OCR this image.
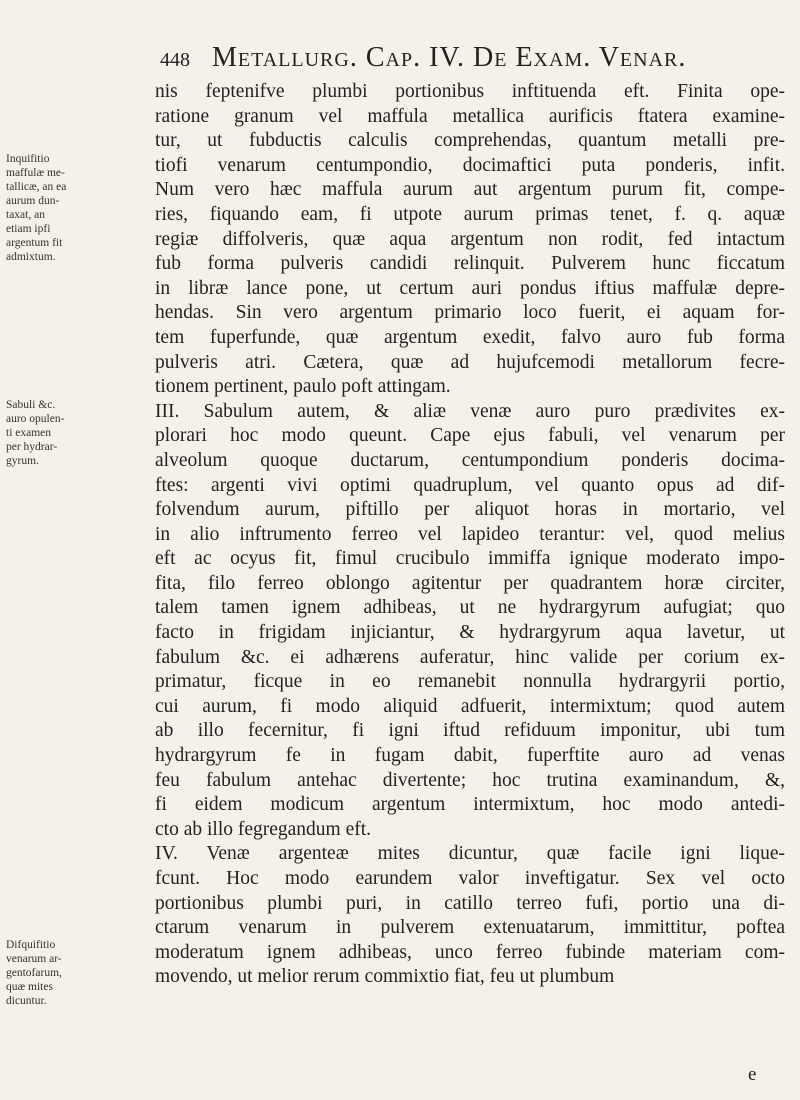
448 Metallurg. Cap. IV. De Exam. Venar.
Inquifitio
maffulæ me-
tallicæ, an ea
aurum dun-
taxat, an
etiam ipfi
argentum fit
admixtum.
Sabuli &c.
auro opulen-
ti examen
per hydrar-
gyrum.
Difquifitio
venarum ar-
gentofarum,
quæ mites
dicuntur.
nis feptenifve plumbi portionibus inftituenda eft. Finita ope-
ratione granum vel maffula metallica aurificis ftatera examine-
tur, ut fubductis calculis comprehendas, quantum metalli pre-
tiofi venarum centumpondio, docimaftici puta ponderis, infit.
Num vero hæc maffula aurum aut argentum purum fit, compe-
ries, fiquando eam, fi utpote aurum primas tenet, f. q. aquæ
regiæ diffolveris, quæ aqua argentum non rodit, fed intactum
fub forma pulveris candidi relinquit. Pulverem hunc ficcatum
in libræ lance pone, ut certum auri pondus iftius maffulæ depre-
hendas. Sin vero argentum primario loco fuerit, ei aquam for-
tem fuperfunde, quæ argentum exedit, falvo auro fub forma
pulveris atri. Cætera, quæ ad hujufcemodi metallorum fecre-
tionem pertinent, paulo poft attingam.
III. Sabulum autem, & aliæ venæ auro puro prædivites ex-
plorari hoc modo queunt. Cape ejus fabuli, vel venarum per
alveolum quoque ductarum, centumpondium ponderis docima-
ftes: argenti vivi optimi quadruplum, vel quanto opus ad dif-
folvendum aurum, piftillo per aliquot horas in mortario, vel
in alio inftrumento ferreo vel lapideo terantur: vel, quod melius
eft ac ocyus fit, fimul crucibulo immiffa ignique moderato impo-
fita, filo ferreo oblongo agitentur per quadrantem horæ circiter,
talem tamen ignem adhibeas, ut ne hydrargyrum aufugiat; quo
facto in frigidam injiciantur, & hydrargyrum aqua lavetur, ut
fabulum &c. ei adhærens auferatur, hinc valide per corium ex-
primatur, ficque in eo remanebit nonnulla hydrargyrii portio,
cui aurum, fi modo aliquid adfuerit, intermixtum; quod autem
ab illo fecernitur, fi igni iftud refiduum imponitur, ubi tum
hydrargyrum fe in fugam dabit, fuperftite auro ad venas
feu fabulum antehac divertente; hoc trutina examinandum, &,
fi eidem modicum argentum intermixtum, hoc modo antedi-
cto ab illo fegregandum eft.
IV. Venæ argenteæ mites dicuntur, quæ facile igni lique-
fcunt. Hoc modo earundem valor inveftigatur. Sex vel octo
portionibus plumbi puri, in catillo terreo fufi, portio una di-
ctarum venarum in pulverem extenuatarum, immittitur, poftea
moderatum ignem adhibeas, unco ferreo fubinde materiam com-
movendo, ut melior rerum commixtio fiat, feu ut plumbum
e
